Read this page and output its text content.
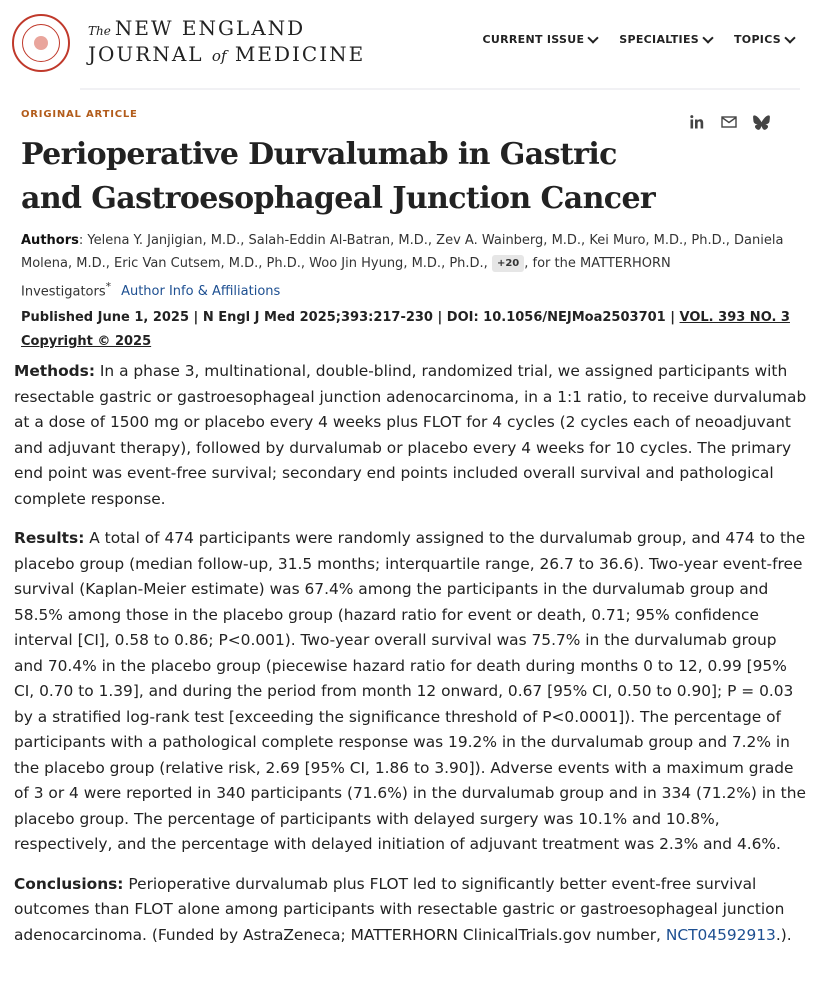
The NEW ENGLAND
JOURNAL of MEDICINE
CURRENT ISSUE	SPECIALTIES	TOPICS
ORIGINAL ARTICLE
Perioperative Durvalumab in Gastric and Gastroesophageal Junction Cancer
Authors: Yelena Y. Janjigian, M.D., Salah-Eddin Al-Batran, M.D., Zev A. Wainberg, M.D., Kei Muro, M.D., Ph.D., Daniela Molena, M.D., Eric Van Cutsem, M.D., Ph.D., Woo Jin Hyung, M.D., Ph.D., +20 , for the MATTERHORN Investigators* Author Info & Affiliations
Published June 1, 2025 | N Engl J Med 2025;393:217-230 | DOI: 10.1056/NEJMoa2503701 | VOL. 393 NO. 3
Copyright © 2025

Methods: In a phase 3, multinational, double-blind, randomized trial, we assigned participants with resectable gastric or gastroesophageal junction adenocarcinoma, in a 1:1 ratio, to receive durvalumab at a dose of 1500 mg or placebo every 4 weeks plus FLOT for 4 cycles (2 cycles each of neoadjuvant and adjuvant therapy), followed by durvalumab or placebo every 4 weeks for 10 cycles. The primary end point was event-free survival; secondary end points included overall survival and pathological complete response.

Results: A total of 474 participants were randomly assigned to the durvalumab group, and 474 to the placebo group (median follow-up, 31.5 months; interquartile range, 26.7 to 36.6). Two-year event-free survival (Kaplan-Meier estimate) was 67.4% among the participants in the durvalumab group and 58.5% among those in the placebo group (hazard ratio for event or death, 0.71; 95% confidence interval [CI], 0.58 to 0.86; P<0.001). Two-year overall survival was 75.7% in the durvalumab group and 70.4% in the placebo group (piecewise hazard ratio for death during months 0 to 12, 0.99 [95% CI, 0.70 to 1.39], and during the period from month 12 onward, 0.67 [95% CI, 0.50 to 0.90]; P = 0.03 by a stratified log-rank test [exceeding the significance threshold of P<0.0001]). The percentage of participants with a pathological complete response was 19.2% in the durvalumab group and 7.2% in the placebo group (relative risk, 2.69 [95% CI, 1.86 to 3.90]). Adverse events with a maximum grade of 3 or 4 were reported in 340 participants (71.6%) in the durvalumab group and in 334 (71.2%) in the placebo group. The percentage of participants with delayed surgery was 10.1% and 10.8%, respectively, and the percentage with delayed initiation of adjuvant treatment was 2.3% and 4.6%.

Conclusions: Perioperative durvalumab plus FLOT led to significantly better event-free survival outcomes than FLOT alone among participants with resectable gastric or gastroesophageal junction adenocarcinoma. (Funded by AstraZeneca; MATTERHORN ClinicalTrials.gov number, NCT04592913.).
